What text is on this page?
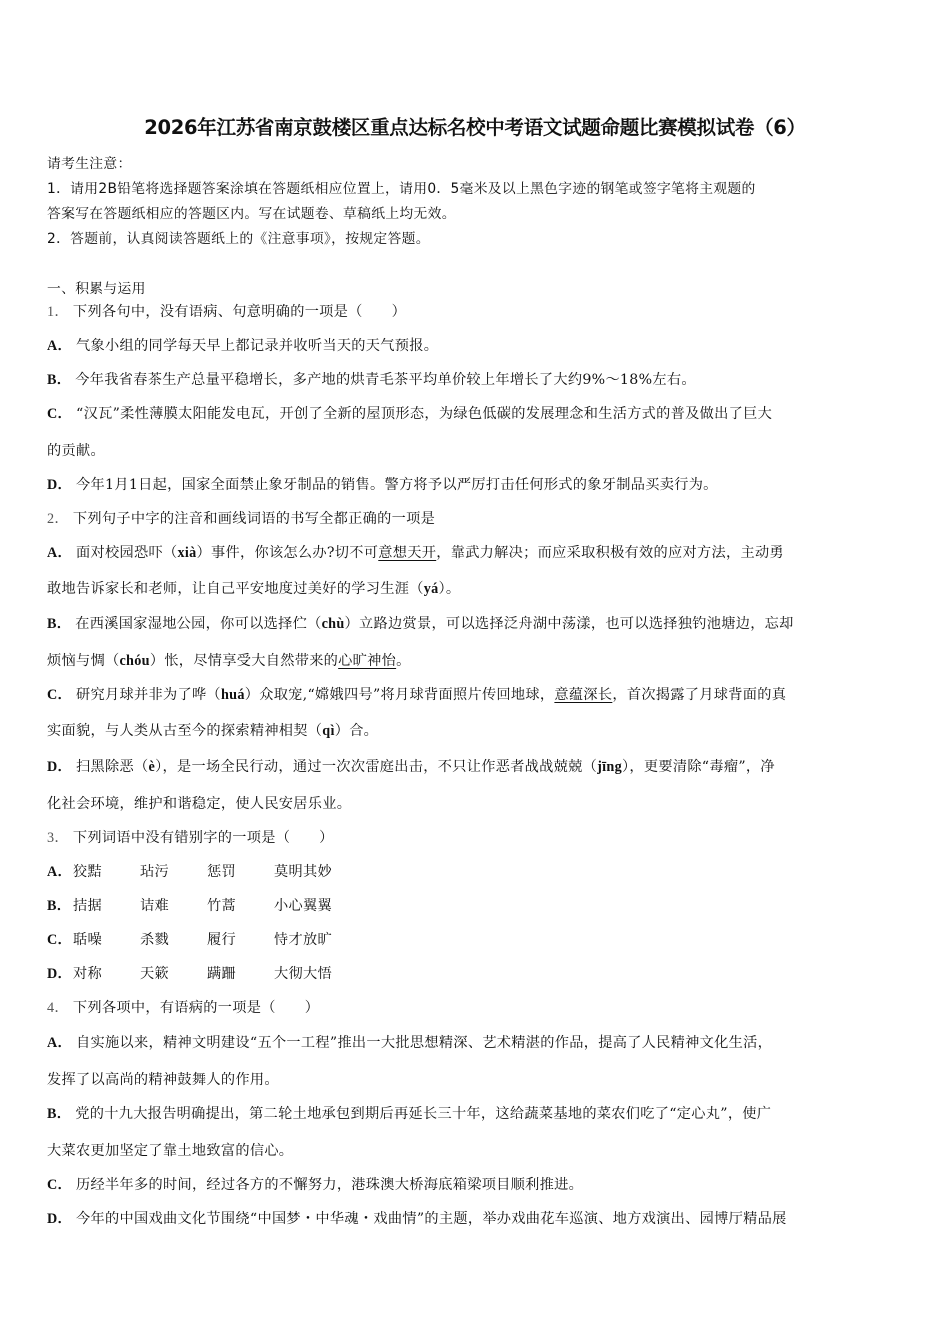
2026年江苏省南京鼓楼区重点达标名校中考语文试题命题比赛模拟试卷（6）
请考生注意：
1．请用2B铅笔将选择题答案涂填在答题纸相应位置上，请用0．5毫米及以上黑色字迹的钢笔或签字笔将主观题的
答案写在答题纸相应的答题区内。写在试题卷、草稿纸上均无效。
2．答题前，认真阅读答题纸上的《注意事项》，按规定答题。
一、积累与运用
1． 下列各句中，没有语病、句意明确的一项是（　　）
A． 气象小组的同学每天早上都记录并收听当天的天气预报。
B． 今年我省春茶生产总量平稳增长，多产地的烘青毛茶平均单价较上年增长了大约9%～18%左右。
C． “汉瓦”柔性薄膜太阳能发电瓦，开创了全新的屋顶形态，为绿色低碳的发展理念和生活方式的普及做出了巨大
的贡献。
D． 今年1月1日起，国家全面禁止象牙制品的销售。警方将予以严厉打击任何形式的象牙制品买卖行为。
2． 下列句子中字的注音和画线词语的书写全都正确的一项是
A． 面对校园恐吓（xià）事件，你该怎么办?切不可意想天开，靠武力解决；而应采取积极有效的应对方法，主动勇
敢地告诉家长和老师，让自己平安地度过美好的学习生涯（yá）。
B． 在西溪国家湿地公园，你可以选择伫（chù）立路边赏景，可以选择泛舟湖中荡漾，也可以选择独钓池塘边，忘却
烦恼与惆（chóu）怅，尽情享受大自然带来的心旷神怡。
C． 研究月球并非为了哗（huá）众取宠,“嫦娥四号”将月球背面照片传回地球，意蕴深长，首次揭露了月球背面的真
实面貌，与人类从古至今的探索精神相契（qì）合。
D． 扫黑除恶（è），是一场全民行动，通过一次次雷庭出击，不只让作恶者战战兢兢（jīng），更要清除“毒瘤”，净
化社会环境，维护和谐稳定，使人民安居乐业。
3． 下列词语中没有错别字的一项是（　　）
A．狡黠	玷污	惩罚	莫明其妙
B． 拮据	诘难	竹蒿	小心翼翼
C．聒噪	杀戮	履行	恃才放旷
D．对称	天簌	蹒跚	大彻大悟
4． 下列各项中，有语病的一项是（　　）
A． 自实施以来，精神文明建设“五个一工程”推出一大批思想精深、艺术精湛的作品，提高了人民精神文化生活，
发挥了以高尚的精神鼓舞人的作用。
B． 党的十九大报告明确提出，第二轮土地承包到期后再延长三十年，这给蔬菜基地的菜农们吃了“定心丸”，使广
大菜农更加坚定了靠土地致富的信心。
C． 历经半年多的时间，经过各方的不懈努力，港珠澳大桥海底箱梁项目顺利推进。
D． 今年的中国戏曲文化节围绕“中国梦・中华魂・戏曲情”的主题，举办戏曲花车巡演、地方戏演出、园博厅精品展
